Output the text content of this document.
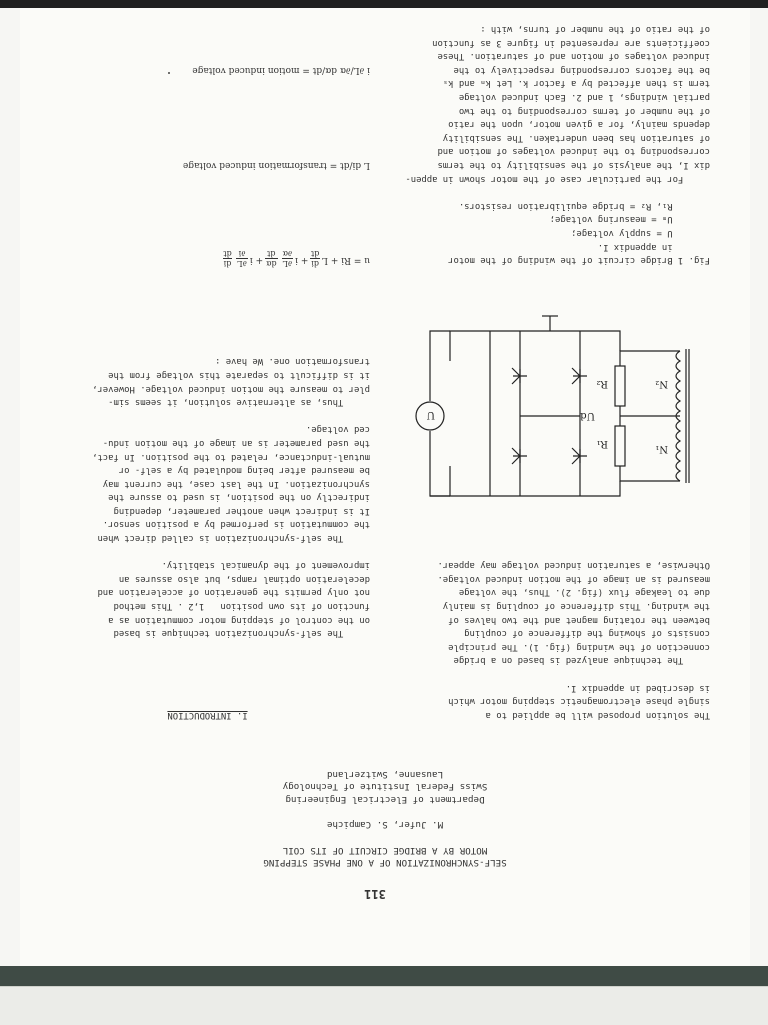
311
SELF-SYNCHRONIZATION OF A ONE PHASE STEPPING
MOTOR BY A BRIDGE CIRCUIT OF ITS COIL
M. Jufer, S. Campiche
Department of Electrical Engineering
Swiss Federal Institute of Technology
Lausanne, Switzerland

The solution proposed will be applied to a
single phase electromagnetic stepping motor which
is described in appendix I.
The technique analyzed is based on a bridge
connection of the winding (fig. 1). The principle
consists of showing the difference of coupling
between the rotating magnet and the two halves of
the winding. This difference of coupling is mainly
due to leakage flux (fig. 2). Thus, the voltage
measured is an image of the motion induced voltage.
Otherwise, a saturation induced voltage may appear.

N₁
N₂
R₁
R₂
Ud
U

Fig. 1 Bridge circuit of the winding of the motor
in appendix I.
U = supply voltage;
Uₘ = measuring voltage;
R₁, R₂ = bridge equilibration resistors.
For the particular case of the motor shown in appen-
dix I, the analysis of the sensibility to the terms
corresponding to the induced voltages of motion and
of saturation has been undertaken. The sensibility
depends mainly, for a given motor, upon the ratio
of the number of terms corresponding to the two
partial windings, 1 and 2. Each induced voltage
term is then affected by a factor k. Let kₘ and kₛ
be the factors corresponding respectively to the
induced voltages of motion and of saturation. These
coefficients are represented in figure 3 as function
of the ratio of the number of turns, with :

I. INTRODUCTION

The self-synchronization technique is based
on the control of stepping motor commutation as a
function of its own position   1,2 . This method
not only permits the generation of acceleration and
deceleration optimal ramps, but also assures an
improvement of the dynamical stability.
The self-synchronization is called direct when
the commutation is performed by a position sensor.
It is indirect when another parameter, depending
indirectly on the position, is used to assure the
synchronization. In the last case, the current may
be measured after being modulated by a self- or
mutual-inductance, related to the position. In fact,
the used parameter is an image of the motion indu-
ced voltage.
Thus, as alternative solution, it seems sim-
pler to measure the motion induced voltage. However,
it is difficult to separate this voltage from the
transformation one. We have :

u = Ri + L
di
dt
+ i
∂L
∂α
dα
dt
+ i
∂L
∂i
di
dt

L di/dt = transformation induced voltage

i ∂L/∂α dα/dt = motion induced voltage
